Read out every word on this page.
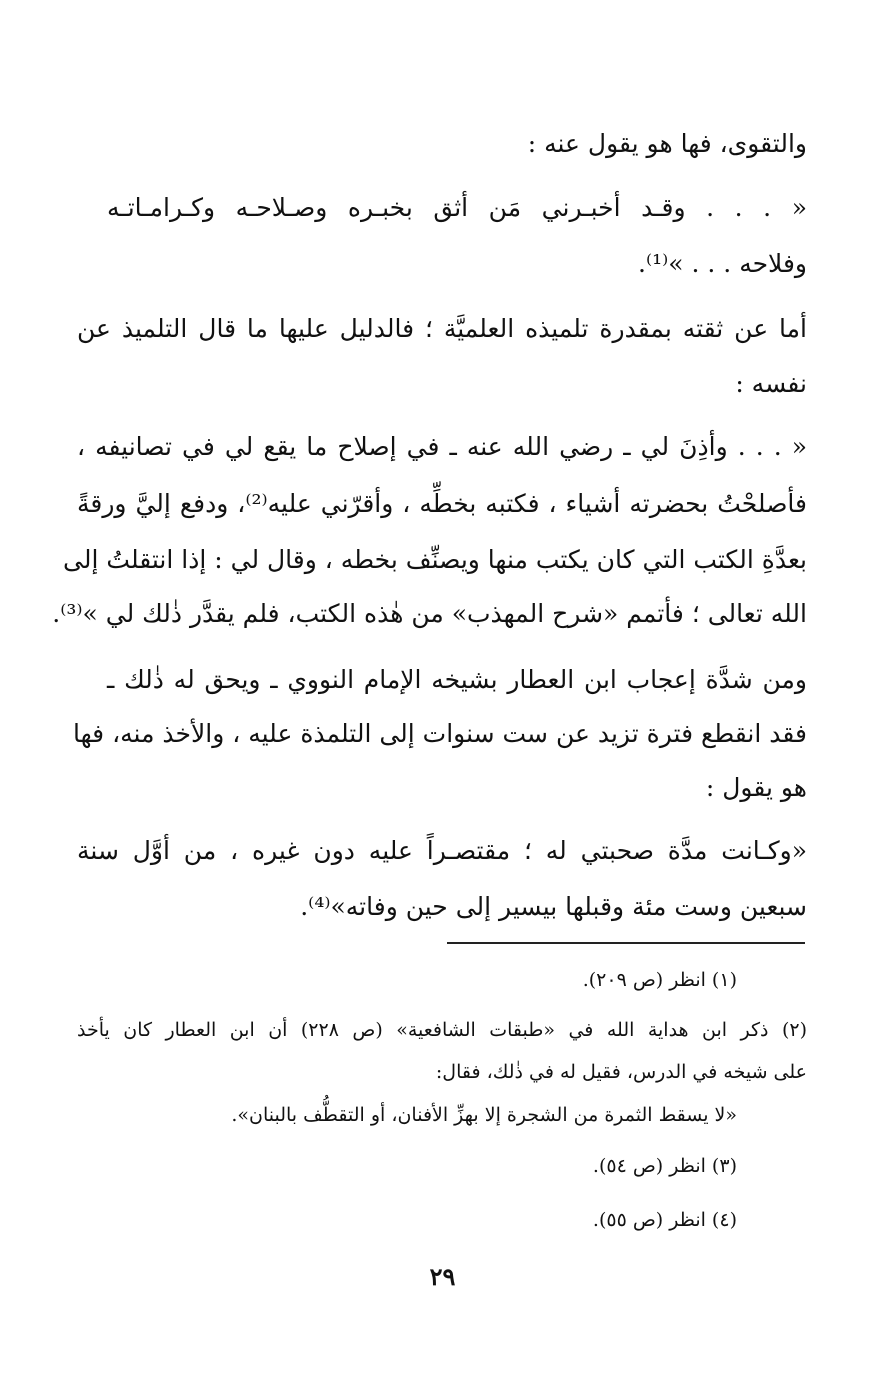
والتقوى، فها هو يقول عنه :
« . . . وقـد أخبـرني مَن أثق بخبـره وصـلاحـه وكـرامـاتـه
وفلاحه . . . »⁽¹⁾.
أما عن ثقته بمقدرة تلميذه العلميَّة ؛ فالدليل عليها ما قال التلميذ عن
نفسه :
« . . . وأذِنَ لي ـ رضي الله عنه ـ في إصلاح ما يقع لي في تصانيفه ،
فأصلحْتُ بحضرته أشياء ، فكتبه بخطِّه ، وأقرّني عليه⁽²⁾، ودفع إليَّ ورقةً
بعدَّةِ الكتب التي كان يكتب منها ويصنِّف بخطه ، وقال لي : إذا انتقلتُ إلى
الله تعالى ؛ فأتمم «شرح المهذب» من هٰذه الكتب، فلم يقدَّر ذٰلك لي »⁽³⁾.
ومن شدَّة إعجاب ابن العطار بشيخه الإمام النووي ـ ويحق له ذٰلك ـ
فقد انقطع فترة تزيد عن ست سنوات إلى التلمذة عليه ، والأخذ منه، فها
هو يقول :
«وكـانت مدَّة صحبتي له ؛ مقتصـراً عليه دون غيره ، من أوَّل سنة
سبعين وست مئة وقبلها بيسير إلى حين وفاته»⁽⁴⁾.
(١) انظر (ص ٢٠٩).
(٢) ذكر ابن هداية الله في «طبقات الشافعية» (ص ٢٢٨) أن ابن العطار كان يأخذ
على شيخه في الدرس، فقيل له في ذٰلك، فقال:
«لا يسقط الثمرة من الشجرة إلا بهزِّ الأفنان، أو التقطُّف بالبنان».
(٣) انظر (ص ٥٤).
(٤) انظر (ص ٥٥).
٢٩
